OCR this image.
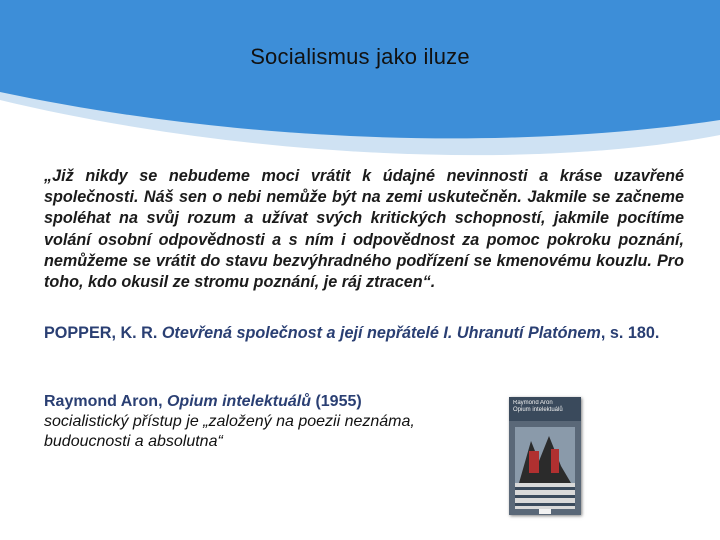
Socialismus jako iluze
„Již nikdy se nebudeme moci vrátit k údajné nevinnosti a kráse uzavřené společnosti. Náš sen o nebi nemůže být na zemi uskutečněn. Jakmile se začneme spoléhat na svůj rozum a užívat svých kritických schopností, jakmile pocítíme volání osobní odpovědnosti a s ním i odpovědnost za pomoc pokroku poznání, nemůžeme se vrátit do stavu bezvýhradného podřízení se kmenovému kouzlu. Pro toho, kdo okusil ze stromu poznání, je ráj ztracen“.
POPPER, K. R. Otevřená společnost a její nepřátelé I. Uhranutí Platónem, s. 180.
Raymond Aron, Opium intelektuálů (1955)
socialistický přístup je „založený na poezii neznáma, budoucnosti a absolutna“
Raymond Aron
Opium intelektuálů
